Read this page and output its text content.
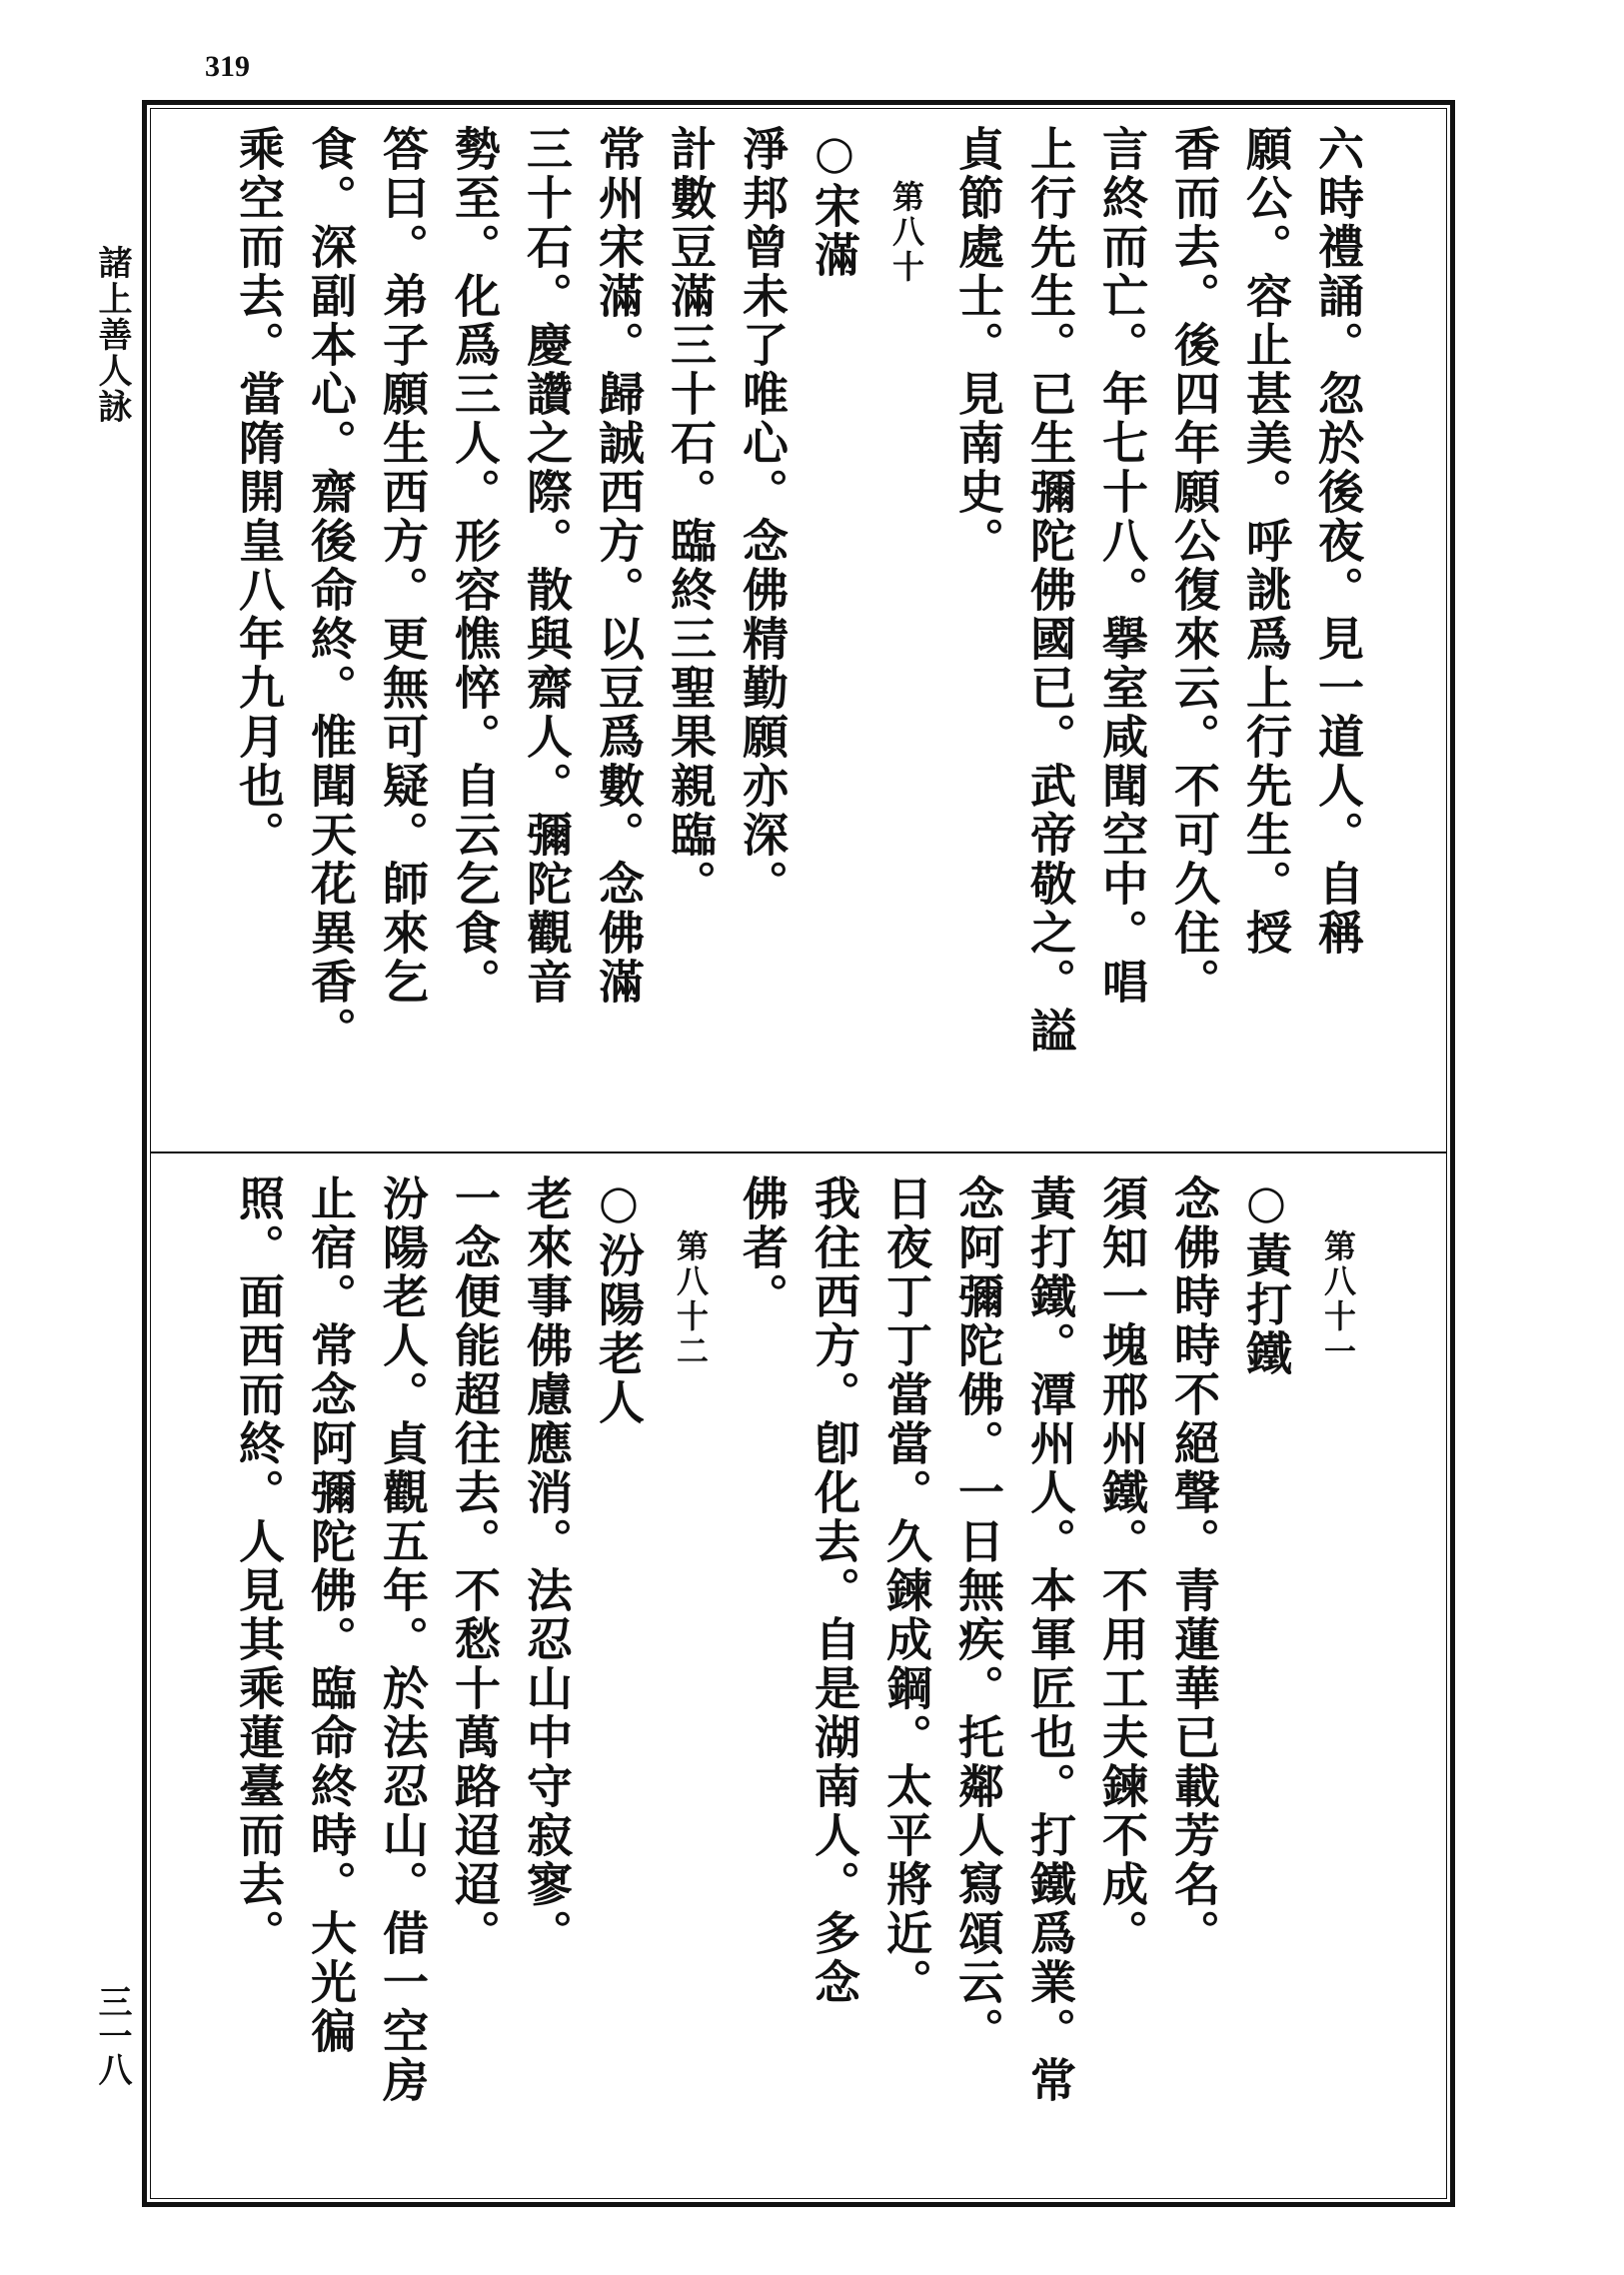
319
諸上善人詠
三一八
六時禮誦。忽於後夜。見一道人。自稱
願公。容止甚美。呼誂爲上行先生。授
香而去。後四年願公復來云。不可久住。
言終而亡。年七十八。擧室咸聞空中。唱
上行先生。已生彌陀佛國已。武帝敬之。謚
貞節處士。見南史。
第八十
○宋滿
淨邦曾未了唯心。念佛精勤願亦深。
計數豆滿三十石。臨終三聖果親臨。
常州宋滿。歸誠西方。以豆爲數。念佛滿
三十石。慶讚之際。散與齋人。彌陀觀音
勢至。化爲三人。形容憔悴。自云乞食。
答曰。弟子願生西方。更無可疑。師來乞
食。深副本心。齋後命終。惟聞天花異香。
乘空而去。當隋開皇八年九月也。
第八十一
○黃打鐵
念佛時時不絕聲。青蓮華已載芳名。
須知一塊邢州鐵。不用工夫鍊不成。
黃打鐵。潭州人。本軍匠也。打鐵爲業。常
念阿彌陀佛。一日無疾。托鄰人寫頌云。
日夜丁丁當當。久鍊成鋼。太平將近。
我往西方。卽化去。自是湖南人。多念
佛者。
第八十二
○汾陽老人
老來事佛慮應消。法忍山中守寂寥。
一念便能超往去。不愁十萬路迢迢。
汾陽老人。貞觀五年。於法忍山。借一空房
止宿。常念阿彌陀佛。臨命終時。大光徧
照。面西而終。人見其乘蓮臺而去。
